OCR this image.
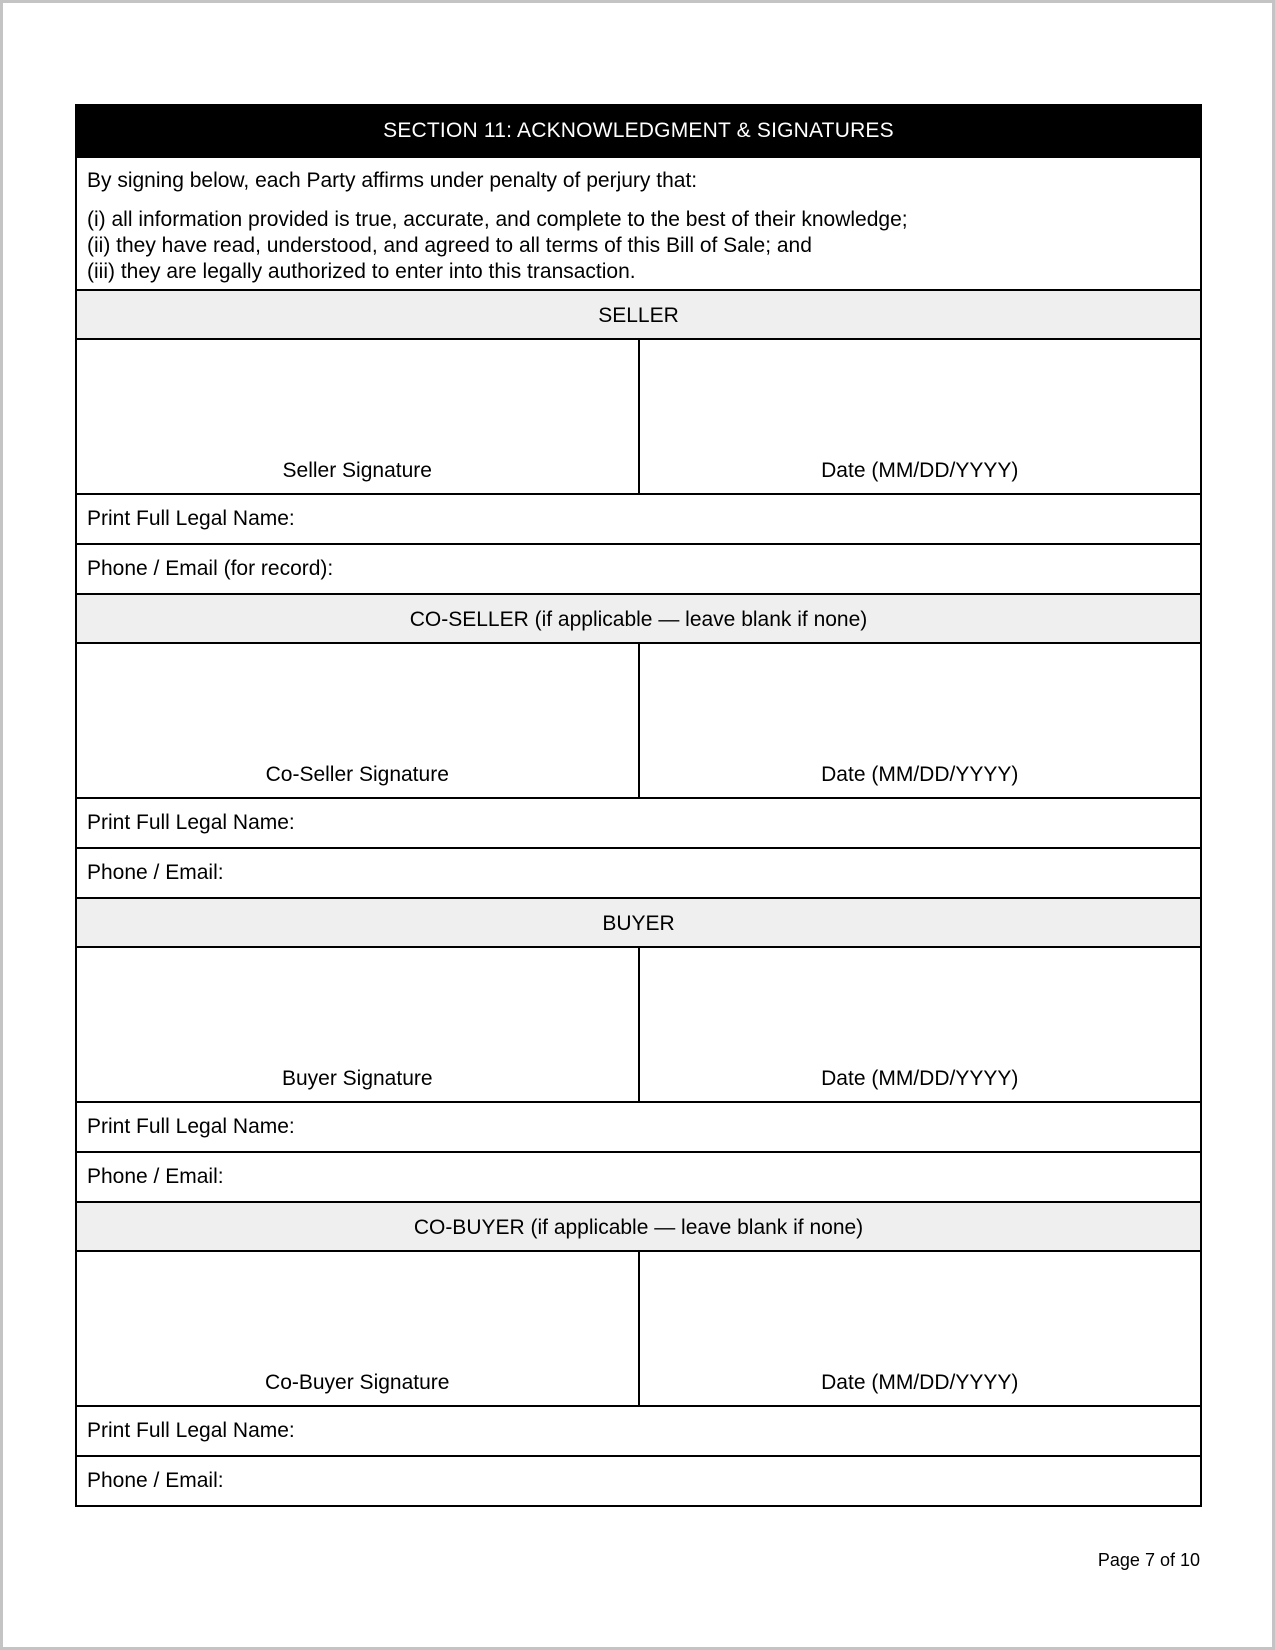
SECTION 11: ACKNOWLEDGMENT & SIGNATURES

By signing below, each Party affirms under penalty of perjury that:

(i) all information provided is true, accurate, and complete to the best of their knowledge;

(ii) they have read, understood, and agreed to all terms of this Bill of Sale; and

(iii) they are legally authorized to enter into this transaction.

SELLER
Seller Signature	Date (MM/DD/YYYY)
Print Full Legal Name:
Phone / Email (for record):
CO-SELLER (if applicable — leave blank if none)
Co-Seller Signature	Date (MM/DD/YYYY)
Print Full Legal Name:
Phone / Email:
BUYER
Buyer Signature	Date (MM/DD/YYYY)
Print Full Legal Name:
Phone / Email:
CO-BUYER (if applicable — leave blank if none)
Co-Buyer Signature	Date (MM/DD/YYYY)
Print Full Legal Name:
Phone / Email:
Page 7 of 10
